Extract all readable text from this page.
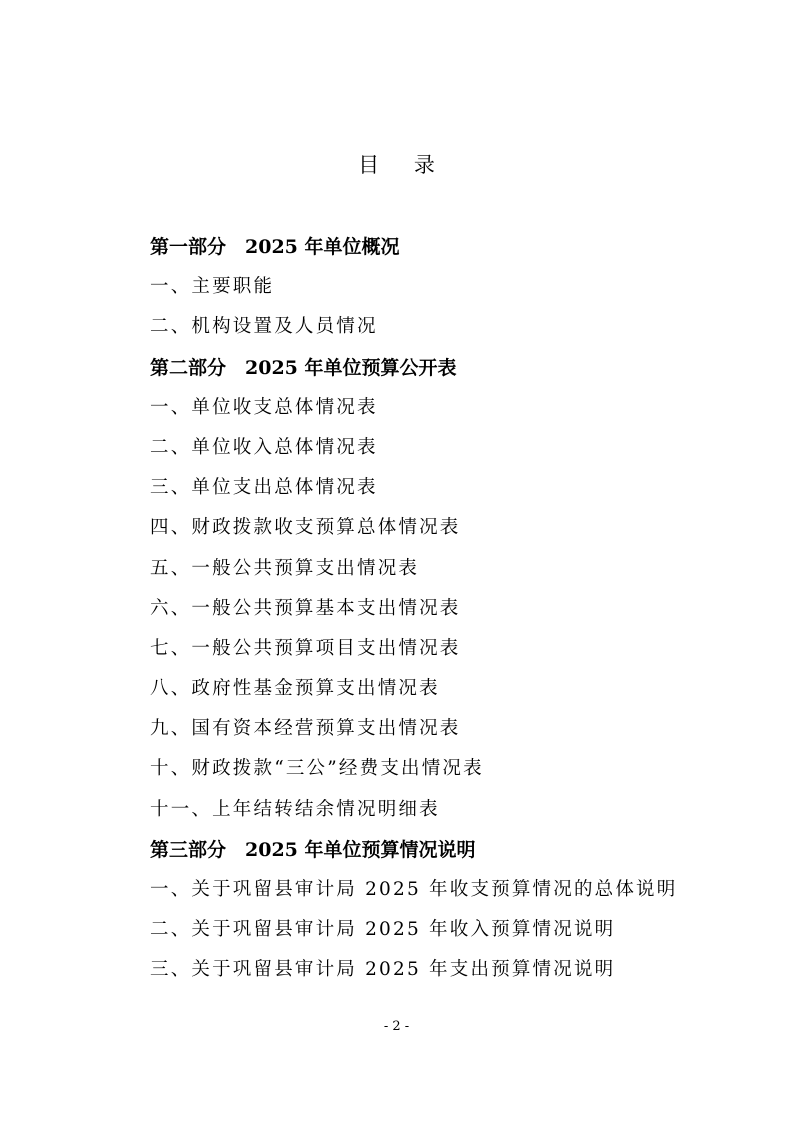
目 录
第一部分　2025 年单位概况
一、主要职能
二、机构设置及人员情况
第二部分　2025 年单位预算公开表
一、单位收支总体情况表
二、单位收入总体情况表
三、单位支出总体情况表
四、财政拨款收支预算总体情况表
五、一般公共预算支出情况表
六、一般公共预算基本支出情况表
七、一般公共预算项目支出情况表
八、政府性基金预算支出情况表
九、国有资本经营预算支出情况表
十、财政拨款“三公”经费支出情况表
十一、上年结转结余情况明细表
第三部分　2025 年单位预算情况说明
一、关于巩留县审计局 2025 年收支预算情况的总体说明
二、关于巩留县审计局 2025 年收入预算情况说明
三、关于巩留县审计局 2025 年支出预算情况说明
- 2 -
